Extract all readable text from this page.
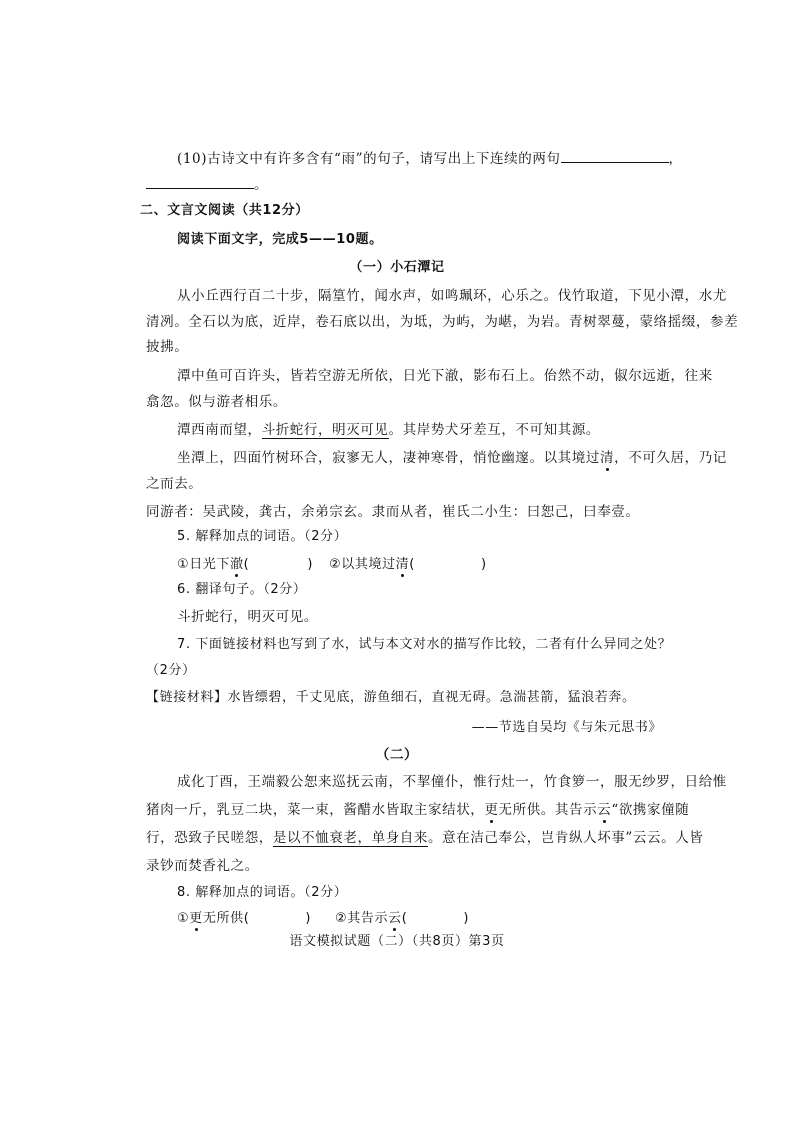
(10)古诗文中有许多含有“雨”的句子，请写出上下连续的两句	，
。
二、文言文阅读（共12分）
阅读下面文字，完成5——10题。
（一）小石潭记
从小丘西行百二十步，隔篁竹，闻水声，如鸣珮环，心乐之。伐竹取道，下见小潭，水尤
清冽。全石以为底，近岸，卷石底以出，为坻，为屿，为嵁，为岩。青树翠蔓，蒙络摇缀，参差
披拂。
潭中鱼可百许头，皆若空游无所依，日光下澈，影布石上。佁然不动，俶尔远逝，往来
翕忽。似与游者相乐。
潭西南而望，斗折蛇行，明灭可见。其岸势犬牙差互，不可知其源。
坐潭上，四面竹树环合，寂寥无人，凄神寒骨，悄怆幽邃。以其境过清，不可久居，乃记
之而去。
同游者：吴武陵，龚古，余弟宗玄。隶而从者，崔氏二小生：曰恕己，曰奉壹。
5. 解释加点的词语。（2分）
①日光下澈(	) ②以其境过清(	)
6. 翻译句子。（2分）
斗折蛇行，明灭可见。
7. 下面链接材料也写到了水，试与本文对水的描写作比较，二者有什么异同之处？
（2分）
【链接材料】水皆缥碧，千丈见底，游鱼细石，直视无碍。急湍甚箭，猛浪若奔。
——节选自吴均《与朱元思书》
（二）
成化丁酉，王端毅公恕来巡抚云南，不挈僮仆，惟行灶一，竹食箩一，服无纱罗，日给惟
猪肉一斤，乳豆二块，菜一束，酱醋水皆取主家结状，更无所供。其告示云“欲携家僮随
行，恐致子民嗟怨，是以不恤衰老，单身自来。意在洁己奉公，岂肯纵人坏事”云云。人皆
录钞而焚香礼之。
8. 解释加点的词语。（2分）
①更无所供(	) ②其告示云(	)
语文模拟试题（二）（共8页）第3页
